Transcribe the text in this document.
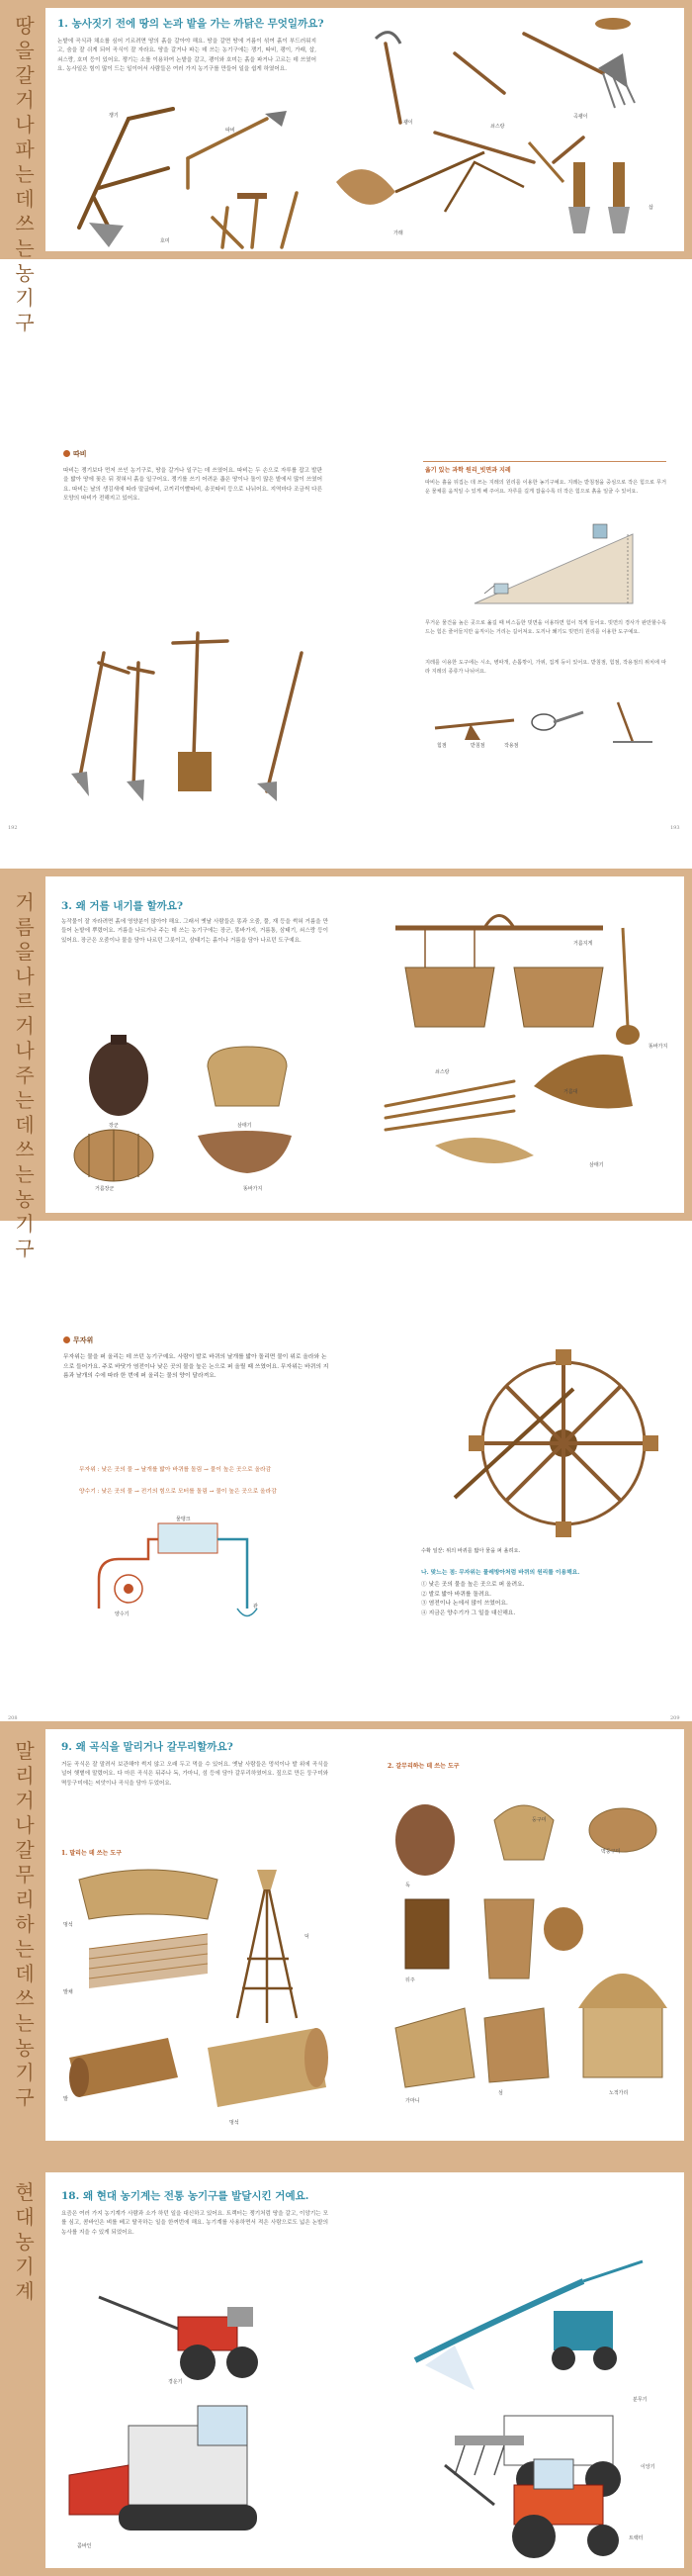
땅을 갈거나 파는 데 쓰는 농기구
1. 농사짓기 전에 땅의 논과 밭을 가는 까닭은 무엇일까요?
논밭에 곡식과 채소를 심어 기르려면 땅의 흙을 갈아야 해요. 땅을 갈면 땅에 거름이 섞여 흙이 부드러워지고, 숨을 잘 쉬게 되어 곡식이 잘 자라요. 땅을 갈거나 파는 데 쓰는 농기구에는 쟁기, 따비, 괭이, 가래, 삽, 쇠스랑, 호미 등이 있어요. 쟁기는 소를 이용하여 논밭을 갈고, 괭이와 호미는 흙을 파거나 고르는 데 쓰였어요. 농사일은 힘이 많이 드는 일이어서 사람들은 여러 가지 농기구를 만들어 일을 쉽게 하였어요.
쟁기
따비
호미
괭이
쇠스랑
곡괭이
가래
삽
따비
따비는 쟁기보다 먼저 쓰인 농기구로, 땅을 갈거나 일구는 데 쓰였어요. 따비는 두 손으로 자루를 잡고 발판을 밟아 땅에 꽂은 뒤 젖혀서 흙을 일구어요. 쟁기를 쓰기 어려운 좁은 땅이나 돌이 많은 밭에서 많이 쓰였어요. 따비는 날의 생김새에 따라 말굽따비, 코끼리이빨따비, 송곳따비 등으로 나뉘어요. 지역마다 조금씩 다른 모양의 따비가 전해지고 있어요.
옮기 있는 과학 원리_빗면과 지레
따비는 흙을 뒤집는 데 쓰는 지레의 원리를 이용한 농기구예요. 지레는 받침점을 중심으로 작은 힘으로 무거운 물체를 움직일 수 있게 해 주어요. 자루를 길게 잡을수록 더 작은 힘으로 흙을 일굴 수 있어요.
무거운 물건을 높은 곳으로 옮길 때 비스듬한 빗면을 이용하면 힘이 적게 들어요. 빗면의 경사가 완만할수록 드는 힘은 줄어들지만 움직이는 거리는 길어져요. 도끼나 쐐기도 빗면의 원리를 이용한 도구예요.
지레를 이용한 도구에는 시소, 병따개, 손톱깎이, 가위, 집게 등이 있어요. 받침점, 힘점, 작용점의 위치에 따라 지레의 종류가 나뉘어요.
힘점	받침점	작용점
192	193
거름을 나르거나 주는 데 쓰는 농기구
3. 왜 거름 내기를 할까요?
농작물이 잘 자라려면 흙에 영양분이 많아야 해요. 그래서 옛날 사람들은 똥과 오줌, 풀, 재 등을 썩혀 거름을 만들어 논밭에 뿌렸어요. 거름을 나르거나 주는 데 쓰는 농기구에는 장군, 똥바가지, 거름통, 삼태기, 쇠스랑 등이 있어요. 장군은 오줌이나 물을 담아 나르던 그릇이고, 삼태기는 흙이나 거름을 담아 나르던 도구예요.
장군	삼태기
거름장군	똥바가지
거름지게
똥바가지
쇠스랑
거름대
삼태기
무자위
무자위는 물을 퍼 올리는 데 쓰던 농기구예요. 사람이 발로 바퀴의 날개를 밟아 돌리면 물이 위로 올라와 논으로 들어가요. 주로 바닷가 염전이나 낮은 곳의 물을 높은 논으로 퍼 올릴 때 쓰였어요. 무자위는 바퀴의 지름과 날개의 수에 따라 한 번에 퍼 올리는 물의 양이 달라져요.
무자위 : 낮은 곳의 물 → 날개를 밟아 바퀴를 돌림 → 물이 높은 곳으로 올라감
양수기 : 낮은 곳의 물 → 전기의 힘으로 모터를 돌림 → 물이 높은 곳으로 올라감
물탱크
양수기
관
수확 일꾼: 위의 바퀴를 밟아 물을 퍼 올려요.
나. 맞느는 점: 무자위는 물레방아처럼 바퀴의 원리를 이용해요.
① 낮은 곳의 물을 높은 곳으로 퍼 올려요.
② 발로 밟아 바퀴를 돌려요.
③ 염전이나 논에서 많이 쓰였어요.
④ 지금은 양수기가 그 일을 대신해요.
208	209
말리거나 갈무리하는 데 쓰는 농기구
9. 왜 곡식을 말리거나 갈무리할까요?
거둔 곡식은 잘 말려서 보관해야 썩지 않고 오래 두고 먹을 수 있어요. 옛날 사람들은 멍석이나 발 위에 곡식을 널어 햇볕에 말렸어요. 다 마른 곡식은 뒤주나 독, 가마니, 섬 등에 담아 갈무리하였어요. 짚으로 만든 둥구미와 멱둥구미에는 씨앗이나 곡식을 담아 두었어요.
1. 말리는 데 쓰는 도구
2. 갈무리하는 데 쓰는 도구
멍석
발채
덕
발
멍석
독
둥구미
멱둥구미
뒤주
가마니
섬	노적가리
현대 농기계
18. 왜 현대 농기계는 전통 농기구를 발달시킨 거예요.
요즘은 여러 가지 농기계가 사람과 소가 하던 일을 대신하고 있어요. 트랙터는 쟁기처럼 땅을 갈고, 이앙기는 모를 심고, 콤바인은 벼를 베고 탈곡하는 일을 한꺼번에 해요. 농기계를 사용하면서 적은 사람으로도 넓은 논밭의 농사를 지을 수 있게 되었어요.
경운기
분무기
콤바인
이앙기
트랙터
